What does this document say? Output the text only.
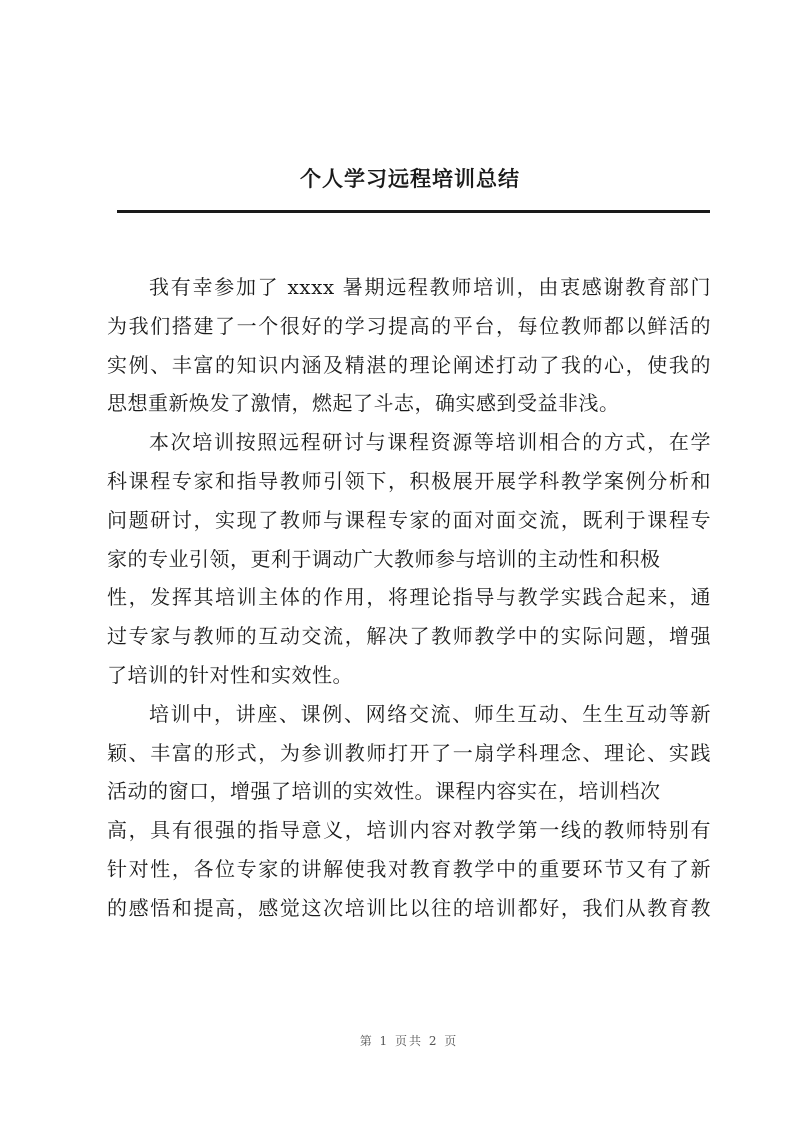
个人学习远程培训总结
我有幸参加了 xxxx 暑期远程教师培训，由衷感谢教育部门
为我们搭建了一个很好的学习提高的平台，每位教师都以鲜活的
实例、丰富的知识内涵及精湛的理论阐述打动了我的心，使我的
思想重新焕发了激情，燃起了斗志，确实感到受益非浅。
本次培训按照远程研讨与课程资源等培训相合的方式，在学
科课程专家和指导教师引领下，积极展开展学科教学案例分析和
问题研讨，实现了教师与课程专家的面对面交流，既利于课程专
家的专业引领，更利于调动广大教师参与培训的主动性和积极
性，发挥其培训主体的作用，将理论指导与教学实践合起来，通
过专家与教师的互动交流，解决了教师教学中的实际问题，增强
了培训的针对性和实效性。
培训中，讲座、课例、网络交流、师生互动、生生互动等新
颖、丰富的形式，为参训教师打开了一扇学科理念、理论、实践
活动的窗口，增强了培训的实效性。课程内容实在，培训档次
高，具有很强的指导意义，培训内容对教学第一线的教师特别有
针对性，各位专家的讲解使我对教育教学中的重要环节又有了新
的感悟和提高，感觉这次培训比以往的培训都好，我们从教育教
第 1 页共 2 页
